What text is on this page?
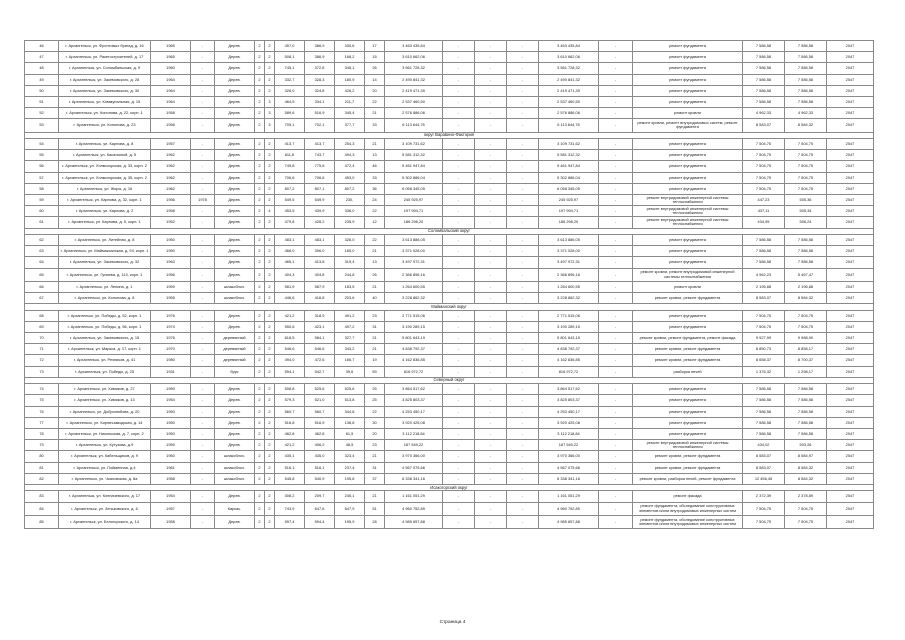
46	г. Архангельск, ул. Фронтовых бригад, д. 16	1965	-	Дерев.	2	2	457,0	386,9	330,6	17	3 463 435,84	-	-	-	3 463 435,84	-	ремонт фундамента	7 586,58	7 586,58	2047
47	г. Архангельск, ул. Ракетостроителей, д. 17	1965	-	Дерев.	2	2	508,1	386,9	168,2	15	3 610 662,06	-	-	-	3 610 662,06	-	ремонт фундамента	7 586,58	7 586,58	2047
48	г. Архангельск, ул. Соломбальская, д. 9	1960	-	Дерев.	2	2	745,1	372,8	345,1	26	3 561 728,32	-	-	-	3 561 728,32	-	ремонт фундамента	7 586,58	7 586,58	2047
49	г. Архангельск, ул. Закемовского, д. 28	1964	-	Дерев.	2	2	332,7	328,3	180,9	14	2 490 841,32	-	-	-	2 490 841,32	-	ремонт фундамента	7 586,58	7 586,58	2047
50	г. Архангельск, ул. Закемовского, д. 30	1964	-	Дерев.	2	2	326,0	324,8	426,2	20	2 419 471,39	-	-	-	2 419 471,39	-	ремонт фундамента	7 586,58	7 586,58	2047
51	г. Архангельск, ул. Коммунальная, д. 15	1964	-	Дерев.	2	3	464,5	334,1	211,7	22	2 537 460,50	-	-	-	2 537 460,50	-	ремонт фундамента	7 586,58	7 586,58	2047
52	г. Архангельск, ул. Кононова, д. 22, корп. 1	1958	-	Дерев.	2	3	589,6	516,9	345,4	21	2 576 886,06	-	-	-	2 576 886,06	-	ремонт кровли	4 962,33	4 962,33	2047
53	г. Архангельск, ул. Кононова, д. 23	1958	-	Дерев.	2	3	705,1	702,1	377,7	33	6 113 644,78	-	-	-	6 113 644,78	-	ремонт кровли, ремонт внутридомовых систем, ремонт фундамента	8 583,07	8 584,32	2047
округ Варавино-Фактория																				
54	г. Архангельск, ул. Карпова, д. 8	1957	-	Дерев.	2	2	413,7	413,7	254,3	21	3 109 731,62	-	-	-	3 109 731,62	-	ремонт фундамента	7 504,75	7 504,75	2047
55	г. Архангельск, ул. Касаткиной, д. 5	1962	-	Дерев.	2	2	811,6	743,7	494,3	13	5 581 312,32	-	-	-	5 581 312,32	-	ремонт фундамента	7 504,75	7 504,75	2047
56	г. Архангельск, ул. Холмогорская, д. 33, корп. 2	1962	-	Дерев.	2	2	749,8	775,6	472,4	46	5 461 947,84	-	-	-	5 461 947,84	-	ремонт фундамента	7 504,75	7 504,75	2047
57	г. Архангельск, ул. Холмогорская, д. 35, корп. 2	1962	-	Дерев.	2	2	706,6	706,6	453,0	33	5 302 886,04	-	-	-	5 302 886,04	-	ремонт фундамента	7 504,75	7 504,75	2047
58	г. Архангельск, ул. Жоры, д. 16	1962	-	Дерев.	2	2	807,2	807,1	807,2	36	6 058 345,05	-	-	-	6 058 345,05	-	ремонт фундамента	7 504,75	7 504,75	2047
59	г. Архангельск, ул. Карпова, д. 32, корп. 1	1956	1978	Дерев.	2	2	549,5	549,9	230,	24	245 925,97	-	-	-	245 925,97	-	ремонт внутридомовой инженерной системы теплоснабжения	447,23	505,36	2047
60	г. Архангельск, ул. Карпова, д. 2	1958	-	Дерев.	2	4	453,5	439,9	336,0	22	197 994,71	-	-	-	197 994,71	-	ремонт внутридомовой инженерной системы теплоснабжения	437,11	505,34	2047
61	г. Архангельск, ул. Карпова, д. 5, корп. 1	1952	-	Дерев.	2	2	479,8	428,2	235,9	12	186 298,20	-	-	-	186 298,20	-	ремонт внутридомовой инженерной системы теплоснабжения	434,95	506,24	2047
Соломбальский округ																				
62	г. Архангельск, ул. Литейная, д. 8	1950	-	Дерев.	2	2	483,1	483,1	326,0	22	3 613 886,05	-	-	-	3 613 886,05	-	ремонт фундамента	7 586,58	7 586,58	2047
63	г. Архангельск, ул. Маймаксанская, д. 94, корп. 1	1950	-	Дерев.	2	2	466,0	396,0	165,0	21	3 371 028,00	-	-	-	3 371 028,00	-	ремонт фундамента	7 586,58	7 586,58	2047
64	г. Архангельск, ул. Закемовского, д. 32	1963	-	Дерев.	2	2	465,1	413,8	319,4	13	3 497 972,31	-	-	-	3 497 972,31	-	ремонт фундамента	7 586,58	7 586,58	2047
65	г. Архангельск, ул. Гуляева, д. 113, корп. 1	1956	-	Дерев.	2	2	404,3	404,8	244,8	26	2 366 896,16	-	-	-	2 366 896,16	-	ремонт кровли, ремонт внутридомовой инженерной системы теплоснабжения	4 962,23	5 467,47	2047
66	г. Архангельск, ул. Ленина, д. 1	1959	-	шлакоблоч.	2	2	581,9	587,9	183,5	21	1 264 600,55	-	-	-	1 264 600,55	-	ремонт кровли	2 195,88	2 196,88	2047
67	г. Архангельск, ул. Кононова, д. 8	1955	-	шлакоблоч.	2	2	446,6	416,8	203,6	40	3 228 862,32	-	-	-	3 228 862,32	-	ремонт кровли, ремонт фундамента	8 583,07	8 584,32	2047
Майманский округ																				
68	г. Архангельск, ул. Победы, д. 52, корп. 1	1976	-	Дерев.	2	2	421,2	318,9	491,2	23	2 771 515,06	-	-	-	2 771 515,06	-	ремонт фундамента	7 504,75	7 504,75	2047
69	г. Архангельск, ул. Победы, д. 56, корп. 1	1974	-	Дерев.	2	2	550,6	423,1	497,2	31	3 190 289,15	-	-	-	3 190 289,15	-	ремонт фундамента	7 504,75	7 504,75	2047
70	г. Архангельск, ул. Закемовского, д. 15	1976	-	деревянный	2	2	618,5	584,1	327,7	21	5 801 643,19	-	-	-	5 801 643,19	-	ремонт кровли, ремонт фундамента, ремонт фасада	9 927,99	9 988,90	2047
71	г. Архангельск, ул. Маркса, д. 17, корп. 1	1970	-	деревянный	2	2	546,6	546,6	343,2	21	4 838 792,37	-	-	-	4 838 792,37	-	ремонт кровли, ремонт фундамента	8 850,73	8 858,17	2047
72	г. Архангельск, ул. Речников, д. 41	1980	-	деревянный	2	2	494,0	472,6	166,7	19	4 162 836,85	-	-	-	4 162 836,85	-	ремонт кровли, ремонт фундамента	8 658,37	8 700,37	2047
73	г. Архангельск, ул. Победы, д. 25	1931	-	брус	2	2	594,1	542,7	39,6	59	816 972,72	-	-	-	816 972,72	-	разборка печей	1 376,32	1 298,17	2047
Северный округ																				
74	г. Архангельск, ул. Химиков, д. 27	1950	-	Дерев.	2	2	508,8	525,6	525,6	25	3 864 517,62	-	-	-	3 864 517,62	-	ремонт фундамента	7 586,58	7 586,58	2047
75	г. Архангельск, ул. Химиков, д. 13	1954	-	Дерев.	2	2	579,3	521,0	513,8	25	3 825 803,37	-	-	-	3 825 803,37	-	ремонт фундамента	7 586,58	7 586,58	2047
76	г. Архангельск, ул. Добролюбова, д. 20	1950	-	Дерев.	2	2	560,7	560,7	344,8	22	4 253 450,17	-	-	-	4 253 450,17	-	ремонт фундамента	7 586,58	7 586,58	2047
77	г. Архангельск, ул. Кирпичзаводская, д. 14	1950	-	Дерев.	2	2	516,8	516,9	136,8	30	3 920 425,08	-	-	-	3 920 425,08	-	ремонт фундамента	7 586,58	7 586,58	2047
78	г. Архангельск, ул. Никольская, д. 7, корп. 2	1950	-	Дерев.	2	2	462,8	462,8	61,5	20	3 112 218,84	-	-	-	3 112 218,84	-	ремонт фундамента	7 586,58	7 586,58	2047
79	г. Архангельск, ул. Кутузова, д.9	1959	-	Дерев.	2	2	421,2	406,2	48,5	23	187 549,22	-	-	-	187 549,22	-	ремонт внутридомовой инженерной системы теплоснабжения	434,02	503,26	2047
80	г. Архангельск, ул. Кабельщиков, д. 9	1960	-	шлакоблоч.	2	2	435,1	435,0	323,4	21	3 970 366,00	-	-	-	3 970 366,00	-	ремонт кровли, ремонт фундамента	8 583,07	8 584,97	2047
81	г. Архангельск, ул. Пойменная, д.4	1961	-	шлакоблоч.	2	2	516,1	516,1	237,4	31	4 567 075,66	-	-	-	4 567 075,66	-	ремонт кровли, ремонт фундамента	8 583,07	8 584,32	2047
82	г. Архангельск, ул. Чкаловская, д. 8а	1958	-	шлакоблоч.	2	2	545,8	540,9	195,8	37	6 338 341,16	-	-	-	6 338 341,16	-	ремонт кровли, разборка печей, ремонт фундамента	12 456,45	8 584,32	2047
Исакогорский округ																				
83	г. Архангельск, ул. Клепачевского, д. 17	1954	-	Дерев.	2	2	308,2	209,7	245,1	21	1 161 051,29	-	-	-	1 161 051,29	-	ремонт фасада	2 372,39	2 378,89	2047
84	г. Архангельск, ул. Зеньковского, д. 6	1957	-	Каркас.	2	2	743,9	647,6	647,9	51	4 960 752,89	-	-	-	4 960 752,89	-	ремонт фундамента, обследование конструктивных элементов и/или внутридомовых инженерных систем	7 504,75	7 504,75	2047
85	г. Архангельск, ул. Белогорского, д. 14	1958	-	Дерев.	2	2	597,4	594,4	195,9	28	4 985 657,88	-	-	-	4 985 657,88	-	ремонт фундамента, обследование конструктивных элементов и/или внутридомовых инженерных систем	7 504,75	7 504,75	2047
Страница 4
